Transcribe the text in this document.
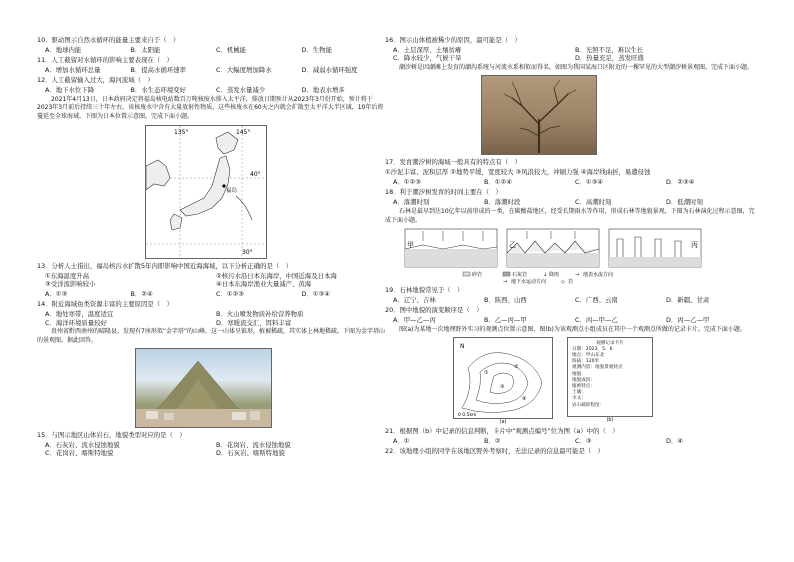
10．驱动图示自然水循环的能量主要来自于（　）
A．地球内能	B．太阳能	C．机械能	D．生物能
11．人工截留对水循环的影响主要表现在（　）
A．增加水循环总量	B．提高水循环速率	C．大幅度增加降水	D．减弱水循环强度
12．人工截留输入过大，海河流域（　）
A．地下水位下降	B．水生态环境变好	C．蒸发水量减少	D．地表水增多
2021年4月13日，日本政府决定将福岛核电站数百万吨核废水排入太平洋，排放日期预计从2023年3月份开始，预计将于2023年3月前后持续三十年左右。该核废水中含有大量放射性物质，这些核废水在60天之内就会扩散至太平洋大半区域，10年后将蔓延至全球海域。下图为日本位置示意图。完成下面小题。
135°	145°
40°
30°
福岛
13．分析人士指出，福岛核污水扩散5年内即影响中国近海海域，以下分析正确的是（　）
①东海温度升高	②核污水沿日本东海岸，中国近海及日本海
③受洋流影响较小	④日本东海岸渔业大量减产、黄海
A．①③	B．②④	C．①②③	D．①③④
14．附近海域鱼类资源丰富的主要原因是（　）
A．地处寒带，温度适宜	B．火山喷发物质补给营养物质
C．海洋环境质量较好	D．寒暖流交汇，饵料丰富
贵州省黔西南州的晴隆县，发现有7座形似“金字塔”的山峰。这一山体呈锥形，植被稀疏，其实体上林地稀疏。下图为金字塔山的景观图。据此回答。
15．与图示地区山体岩石，地貌类型对应的是（　）
A．石灰岩、流水侵蚀地貌	B．花岗岩、流水侵蚀地貌
C．花岗岩、喀斯特地貌	D．石灰岩、喀斯特地貌
16．图示山体植被稀少的原因，最可能是（　）
A．土层深厚，土壤贫瘠	B．光照不足，难以生长
C．降水较少，气候干旱	D．热量充足，蒸发旺盛
潮汐树是因潮滩上发育的潮沟系统与河流水系相似而得名，如图为我国某海口区附近的一棵罕见的大型潮汐树景观图。完成下面小题。
17．发育潮汐树的海域一般具有的特点有（　）
①沙泥丰富、泥积层厚 ②地势平缓，宽度较大 ③风浪较大，冲刷力强 ④海岸线曲折，易遭侵蚀
A．①②③	B．①②④	C．①③④	D．②③④
18．利于潮汐树发育的时间主要在（　）
A．落潮时刻	B．落潮时段	C．高潮时刻	D．低潮时刻
石林是最早到达10亿年以前形成的一类，在碳酸盐地区，经受长期雨水等作用，形成石林等地貌景观，下图为石林演化过程示意图，完成下面小题。
甲	乙	丙
砂岩	石灰岩	↓ 降雨	→ 地表水流方向
→ 地下水运动方向	◇ 岩
19．石林地貌常见于（　）
A．辽宁、吉林	B．陕西、山西	C．广西、云南	D．新疆、甘肃
20．图中地貌的演变顺序是（　）
A．甲—乙—丙	B．乙—丙—甲	C．丙—甲—乙	D．丙—乙—甲
图(a)为某地一次地理野外实习的观测点位置示意图，图(b)为该观测点小组成员在其中一个观测点所做的记录卡片。完成下面小题。
N
①
②
③
④
0 0.5km
(a)
观测记录卡片
日期：2023．5．6
地点：甲山东北
海拔：120米
观测内容：地貌景观特点
地貌：
地貌成因：
植被特点：
土壤：
水文：
岩石破碎程度：
(b)
21．根据图（b）中记录的信息判断，卡片中“观测点编号”位为图（a）中的（　）
A．①	B．②	C．③	D．④
22．该地理小组的同学在该地区野外考察时，无法记录的信息最可能是（　）
